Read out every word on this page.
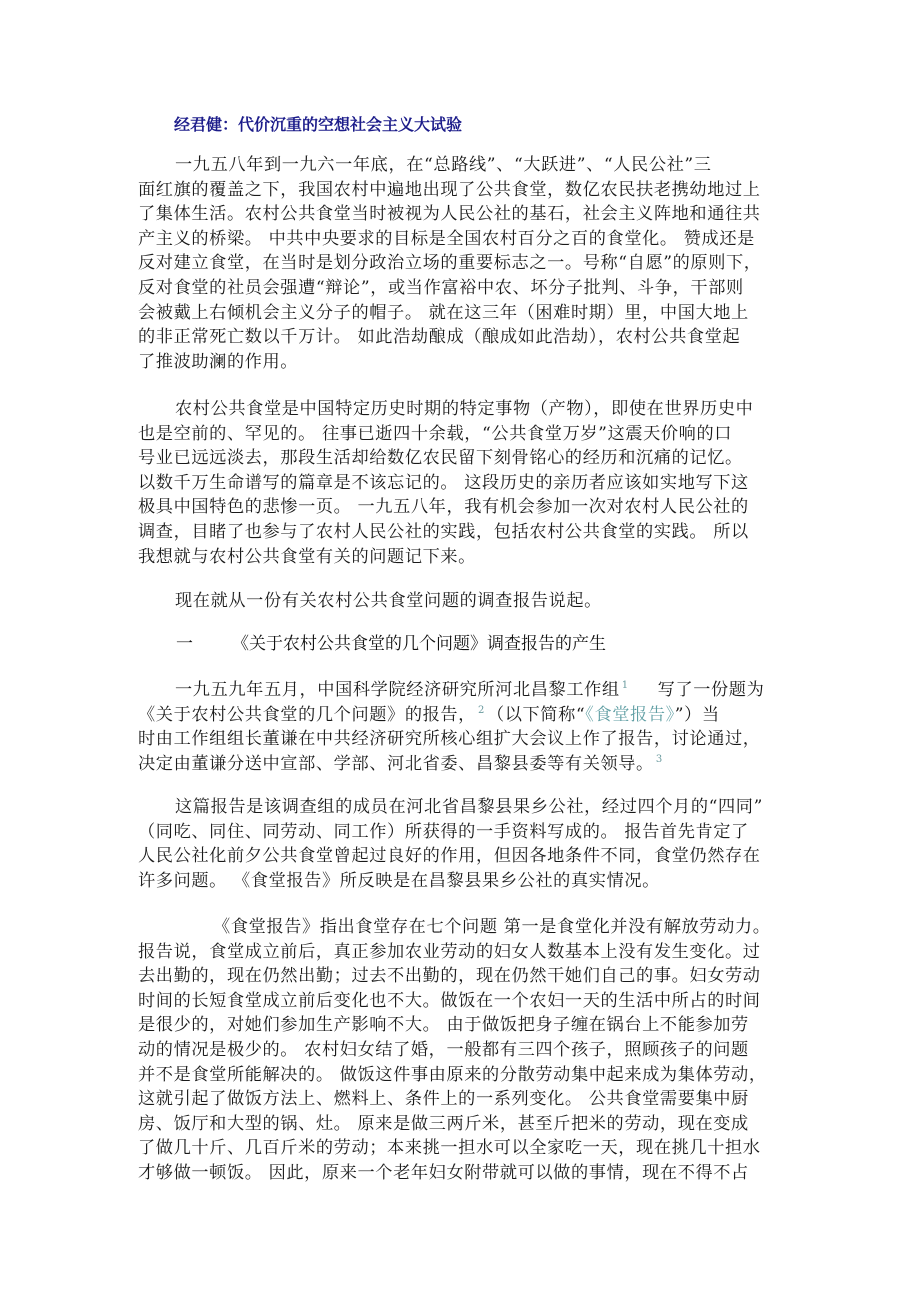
经君健：代价沉重的空想社会主义大试验
一九五八年到一九六一年底，在“总路线”、“大跃进”、“人民公社”三
面红旗的覆盖之下，我国农村中遍地出现了公共食堂，数亿农民扶老携幼地过上
了集体生活。农村公共食堂当时被视为人民公社的基石，社会主义阵地和通往共
产主义的桥梁。 中共中央要求的目标是全国农村百分之百的食堂化。 赞成还是
反对建立食堂，在当时是划分政治立场的重要标志之一。号称“自愿”的原则下，
反对食堂的社员会强遭“辩论”，或当作富裕中农、坏分子批判、斗争，干部则
会被戴上右倾机会主义分子的帽子。 就在这三年（困难时期）里，中国大地上
的非正常死亡数以千万计。 如此浩劫酿成（酿成如此浩劫），农村公共食堂起
了推波助澜的作用。
农村公共食堂是中国特定历史时期的特定事物（产物），即使在世界历史中
也是空前的、罕见的。 往事已逝四十余载，“公共食堂万岁”这震天价响的口
号业已远远淡去，那段生活却给数亿农民留下刻骨铭心的经历和沉痛的记忆。
以数千万生命谱写的篇章是不该忘记的。 这段历史的亲历者应该如实地写下这
极具中国特色的悲惨一页。 一九五八年，我有机会参加一次对农村人民公社的
调查，目睹了也参与了农村人民公社的实践，包括农村公共食堂的实践。 所以
我想就与农村公共食堂有关的问题记下来。
现在就从一份有关农村公共食堂问题的调查报告说起。
一 《关于农村公共食堂的几个问题》调查报告的产生
一九五九年五月，中国科学院经济研究所河北昌黎工作组 $^1$   写了一份题为
《关于农村公共食堂的几个问题》的报告， $^2$ （以下简称“《食堂报告》”）当
时由工作组组长董谦在中共经济研究所核心组扩大会议上作了报告，讨论通过，
决定由董谦分送中宣部、学部、河北省委、昌黎县委等有关领导。 $^3$
这篇报告是该调查组的成员在河北省昌黎县果乡公社，经过四个月的“四同”
（同吃、同住、同劳动、同工作）所获得的一手资料写成的。 报告首先肯定了
人民公社化前夕公共食堂曾起过良好的作用，但因各地条件不同，食堂仍然存在
许多问题。 《食堂报告》所反映是在昌黎县果乡公社的真实情况。
《食堂报告》指出食堂存在七个问题 第一是食堂化并没有解放劳动力。
报告说，食堂成立前后，真正参加农业劳动的妇女人数基本上没有发生变化。过
去出勤的，现在仍然出勤；过去不出勤的，现在仍然干她们自己的事。妇女劳动
时间的长短食堂成立前后变化也不大。做饭在一个农妇一天的生活中所占的时间
是很少的，对她们参加生产影响不大。 由于做饭把身子缠在锅台上不能参加劳
动的情况是极少的。 农村妇女结了婚，一般都有三四个孩子，照顾孩子的问题
并不是食堂所能解决的。 做饭这件事由原来的分散劳动集中起来成为集体劳动，
这就引起了做饭方法上、燃料上、条件上的一系列变化。 公共食堂需要集中厨
房、饭厅和大型的锅、灶。 原来是做三两斤米，甚至斤把米的劳动，现在变成
了做几十斤、几百斤米的劳动；本来挑一担水可以全家吃一天，现在挑几十担水
才够做一顿饭。 因此，原来一个老年妇女附带就可以做的事情，现在不得不占
